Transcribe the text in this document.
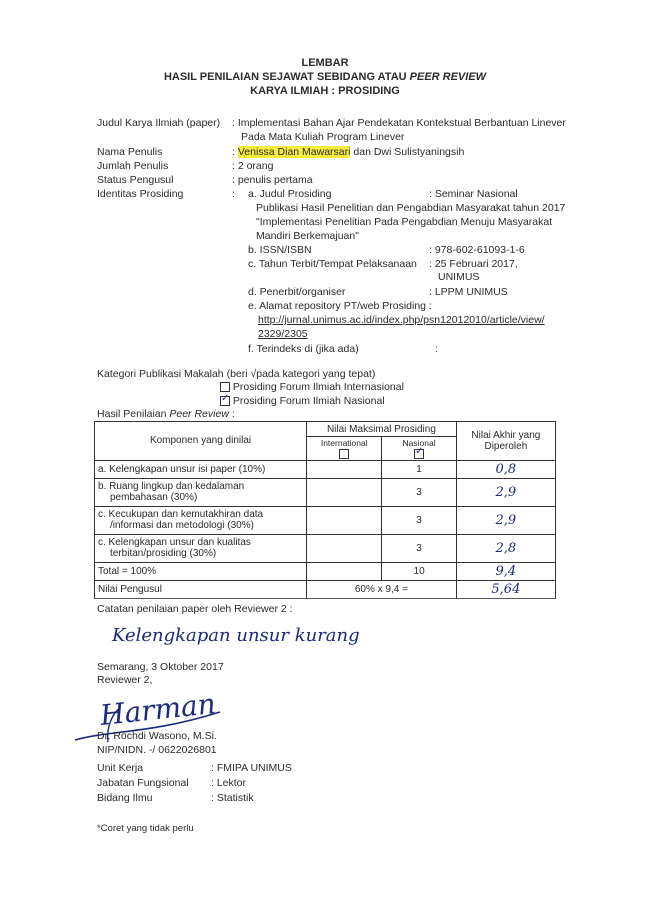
LEMBAR
HASIL PENILAIAN SEJAWAT SEBIDANG ATAU PEER REVIEW
KARYA ILMIAH : PROSIDING
Judul Karya Ilmiah (paper) : Implementasi Bahan Ajar Pendekatan Kontekstual Berbantuan Linever
Pada Mata Kuliah Program Linever
Nama Penulis	: Venissa Dian Mawarsari dan Dwi Sulistyaningsih
Jumlah Penulis	: 2 orang
Status Pengusul	: penulis pertama
Identitas Prosiding	: a. Judul Prosiding	: Seminar Nasional
Publikasi Hasil Penelitian dan Pengabdian Masyarakat tahun 2017
"Implementasi Penelitian Pada Pengabdian Menuju Masyarakat
Mandiri Berkemajuan"
b. ISSN/ISBN	: 978-602-61093-1-6
c. Tahun Terbit/Tempat Pelaksanaan : 25 Februari 2017,
UNIMUS
d. Penerbit/organiser	: LPPM UNIMUS
e. Alamat repository PT/web Prosiding :
http://jurnal.unimus.ac.id/index.php/psn12012010/article/view/
2329/2305
f. Terindeks di (jika ada)	:
Kategori Publikasi Makalah (beri √pada kategori yang tepat)
Prosiding Forum Ilmiah Internasional
✓ Prosiding Forum Ilmiah Nasional
Hasil Penilaian Peer Review :
Komponen yang dinilai	Nilai Maksimal Prosiding		Nilai Akhir yang Diperoleh

	International	Nasional
✓
a. Kelengkapan unsur isi paper (10%)		1	0,8

b. Ruang lingkup dan kedalaman
pembahasan (30%)		3	2,9

c. Kecukupan dan kemutakhiran data
/informasi dan metodologi (30%)		3	2,9

c. Kelengkapan unsur dan kualitas
terbitan/prosiding (30%)		3	2,8
Total = 100%		10	9,4
Nilai Pengusul	60% x 9,4 =		5,64
Catatan penilaian paper oleh Reviewer 2 :
Kelengkapan unsur kurang
Semarang, 3 Oktober 2017
Reviewer 2,
Harman
Dr. Rochdi Wasono, M.Si.
NIP/NIDN. -/ 0622026801
Unit Kerja	: FMIPA UNIMUS
Jabatan Fungsional : Lektor
Bidang Ilmu	: Statistik
*Coret yang tidak perlu
